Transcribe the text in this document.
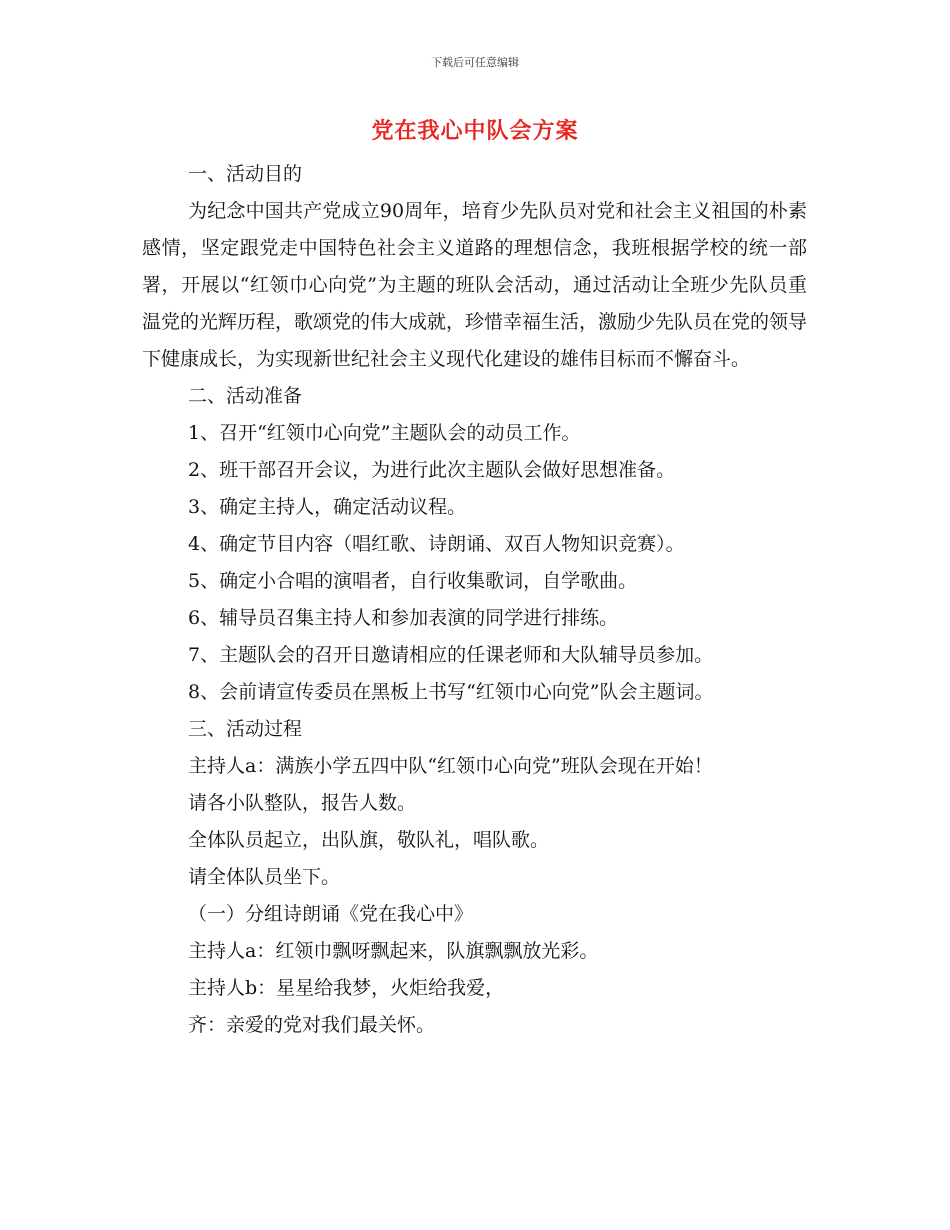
下载后可任意编辑
党在我心中队会方案

一、活动目的

为纪念中国共产党成立90周年，培育少先队员对党和社会主义祖国的朴素感情，坚定跟党走中国特色社会主义道路的理想信念，我班根据学校的统一部署，开展以“红领巾心向党”为主题的班队会活动，通过活动让全班少先队员重温党的光辉历程，歌颂党的伟大成就，珍惜幸福生活，激励少先队员在党的领导下健康成长，为实现新世纪社会主义现代化建设的雄伟目标而不懈奋斗。

二、活动准备

1、召开“红领巾心向党”主题队会的动员工作。

2、班干部召开会议，为进行此次主题队会做好思想准备。

3、确定主持人，确定活动议程。

4、确定节目内容（唱红歌、诗朗诵、双百人物知识竞赛）。

5、确定小合唱的演唱者，自行收集歌词，自学歌曲。

6、辅导员召集主持人和参加表演的同学进行排练。

7、主题队会的召开日邀请相应的任课老师和大队辅导员参加。

8、会前请宣传委员在黑板上书写“红领巾心向党”队会主题词。

三、活动过程

主持人a：满族小学五四中队“红领巾心向党”班队会现在开始！

请各小队整队，报告人数。

全体队员起立，出队旗，敬队礼，唱队歌。

请全体队员坐下。

（一）分组诗朗诵《党在我心中》

主持人a：红领巾飘呀飘起来，队旗飘飘放光彩。

主持人b：星星给我梦，火炬给我爱，

齐：亲爱的党对我们最关怀。
